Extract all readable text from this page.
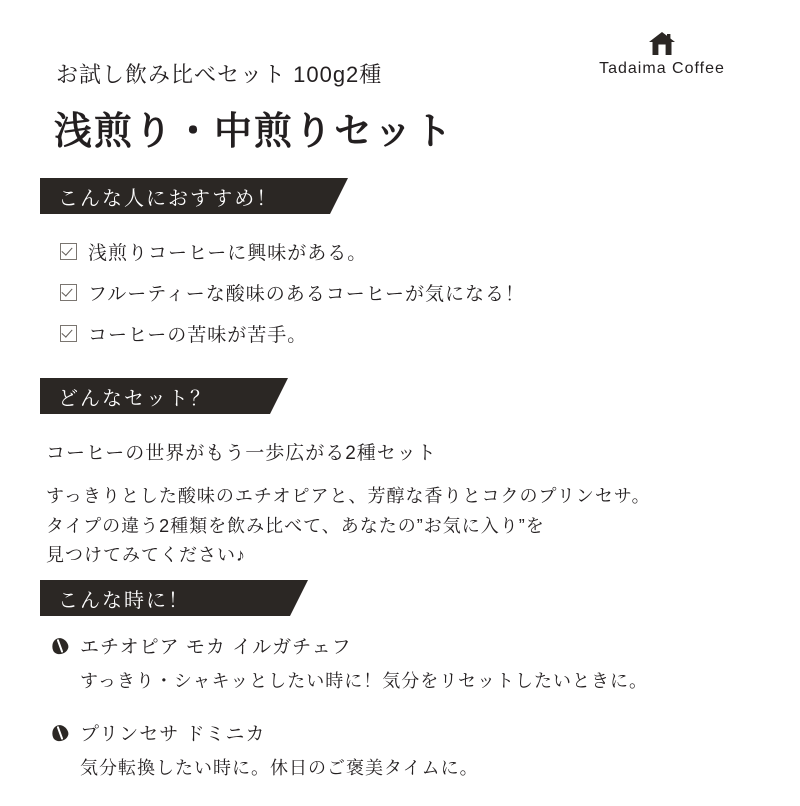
Tadaima Coffee
お試し飲み比べセット 100g2種
浅煎り・中煎りセット
こんな人におすすめ！
浅煎りコーヒーに興味がある。
フルーティーな酸味のあるコーヒーが気になる！
コーヒーの苦味が苦手。
どんなセット？
コーヒーの世界がもう一歩広がる2種セット
すっきりとした酸味のエチオピアと、芳醇な香りとコクのプリンセサ。
タイプの違う2種類を飲み比べて、あなたの”お気に入り”を
見つけてみてください♪
こんな時に！
エチオピア モカ イルガチェフ
すっきり・シャキッとしたい時に！気分をリセットしたいときに。
プリンセサ ドミニカ
気分転換したい時に。休日のご褒美タイムに。
